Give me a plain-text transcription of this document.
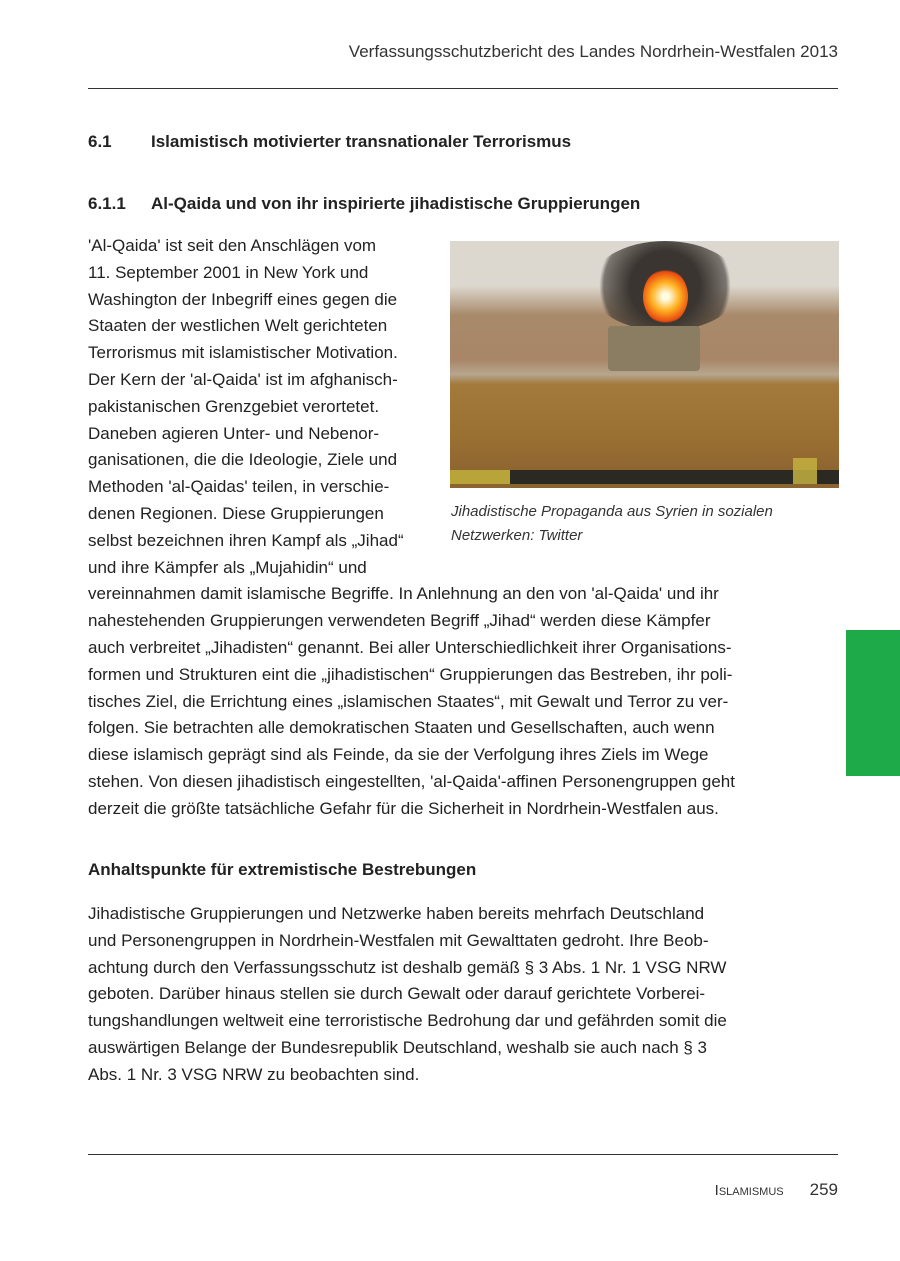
Verfassungsschutzbericht des Landes Nordrhein-Westfalen 2013
6.1 Islamistisch motivierter transnationaler Terrorismus
6.1.1 Al-Qaida und von ihr inspirierte jihadistische Gruppierungen
Jihadistische Propaganda aus Syrien in sozialen
Netzwerken: Twitter
'Al-Qaida' ist seit den Anschlägen vom
11. September 2001 in New York und
Washington der Inbegriff eines gegen die
Staaten der westlichen Welt gerichteten
Terrorismus mit islamistischer Motivation.
Der Kern der 'al-Qaida' ist im afghanisch-
pakistanischen Grenzgebiet verortetet.
Daneben agieren Unter- und Nebenor-
ganisationen, die die Ideologie, Ziele und
Methoden 'al-Qaidas' teilen, in verschie-
denen Regionen. Diese Gruppierungen
selbst bezeichnen ihren Kampf als „Jihad“
und ihre Kämpfer als „Mujahidin“ und
vereinnahmen damit islamische Begriffe. In Anlehnung an den von 'al-Qaida' und ihr
nahestehenden Gruppierungen verwendeten Begriff „Jihad“ werden diese Kämpfer
auch verbreitet „Jihadisten“ genannt. Bei aller Unterschiedlichkeit ihrer Organisations-
formen und Strukturen eint die „jihadistischen“ Gruppierungen das Bestreben, ihr poli-
tisches Ziel, die Errichtung eines „islamischen Staates“, mit Gewalt und Terror zu ver-
folgen. Sie betrachten alle demokratischen Staaten und Gesellschaften, auch wenn
diese islamisch geprägt sind als Feinde, da sie der Verfolgung ihres Ziels im Wege
stehen. Von diesen jihadistisch eingestellten, 'al-Qaida'-affinen Personengruppen geht
derzeit die größte tatsächliche Gefahr für die Sicherheit in Nordrhein-Westfalen aus.
Anhaltspunkte für extremistische Bestrebungen
Jihadistische Gruppierungen und Netzwerke haben bereits mehrfach Deutschland
und Personengruppen in Nordrhein-Westfalen mit Gewalttaten gedroht. Ihre Beob-
achtung durch den Verfassungsschutz ist deshalb gemäß § 3 Abs. 1 Nr. 1 VSG NRW
geboten. Darüber hinaus stellen sie durch Gewalt oder darauf gerichtete Vorberei-
tungshandlungen weltweit eine terroristische Bedrohung dar und gefährden somit die
auswärtigen Belange der Bundesrepublik Deutschland, weshalb sie auch nach § 3
Abs. 1 Nr. 3 VSG NRW zu beobachten sind.
Islamismus 259
